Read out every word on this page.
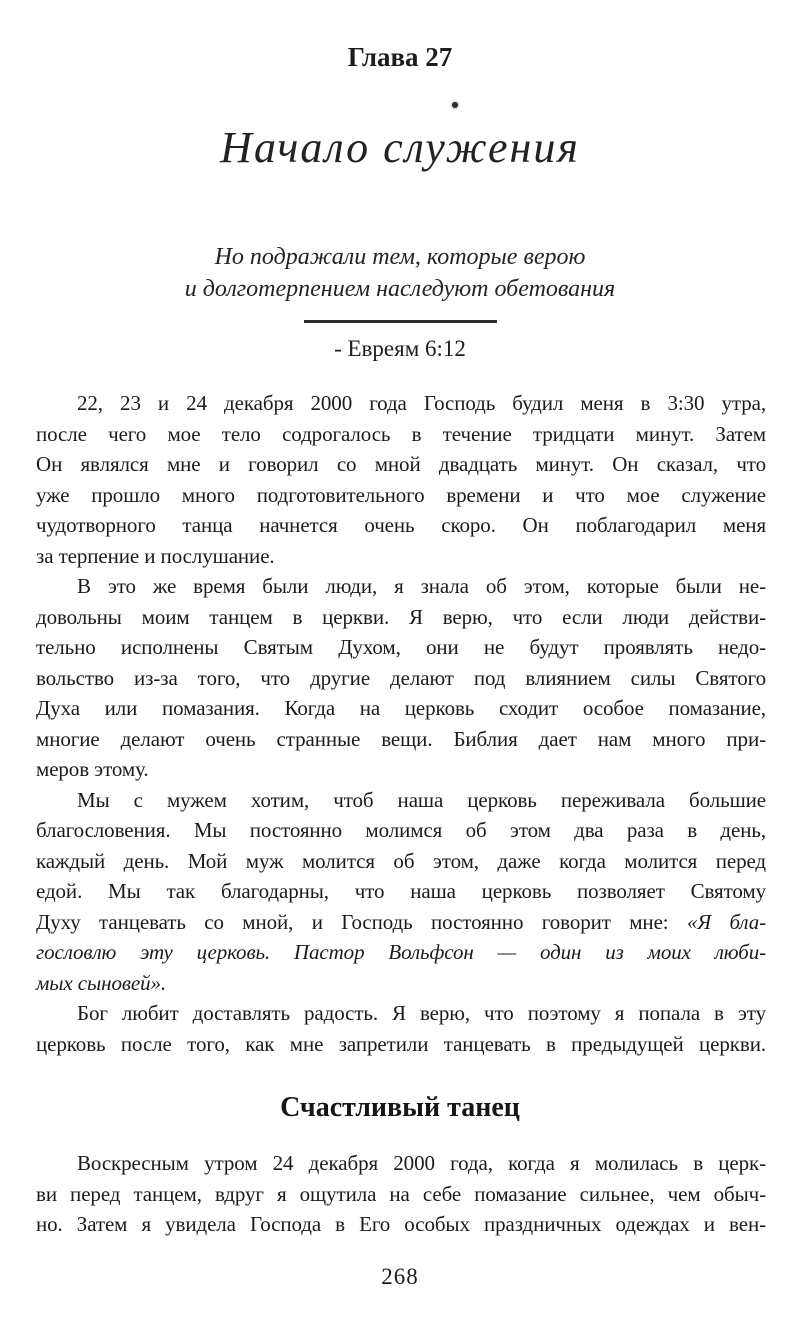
Глава 27
Начало служения
Но подражали тем, которые верою
и долготерпением наследуют обетования
- Евреям 6:12
22, 23 и 24 декабря 2000 года Господь будил меня в 3:30 утра,
после чего мое тело содрогалось в течение тридцати минут. Затем
Он являлся мне и говорил со мной двадцать минут. Он сказал, что
уже прошло много подготовительного времени и что мое служение
чудотворного танца начнется очень скоро. Он поблагодарил меня
за терпение и послушание.
В это же время были люди, я знала об этом, которые были не-
довольны моим танцем в церкви. Я верю, что если люди действи-
тельно исполнены Святым Духом, они не будут проявлять недо-
вольство из-за того, что другие делают под влиянием силы Святого
Духа или помазания. Когда на церковь сходит особое помазание,
многие делают очень странные вещи. Библия дает нам много при-
меров этому.
Мы с мужем хотим, чтоб наша церковь переживала большие
благословения. Мы постоянно молимся об этом два раза в день,
каждый день. Мой муж молится об этом, даже когда молится перед
едой. Мы так благодарны, что наша церковь позволяет Святому
Духу танцевать со мной, и Господь постоянно говорит мне: «Я бла-
гословлю эту церковь. Пастор Вольфсон — один из моих люби-
мых сыновей».
Бог любит доставлять радость. Я верю, что поэтому я попала в эту
церковь после того, как мне запретили танцевать в предыдущей церкви.
Счастливый танец
Воскресным утром 24 декабря 2000 года, когда я молилась в церк-
ви перед танцем, вдруг я ощутила на себе помазание сильнее, чем обыч-
но. Затем я увидела Господа в Его особых праздничных одеждах и вен-
268
